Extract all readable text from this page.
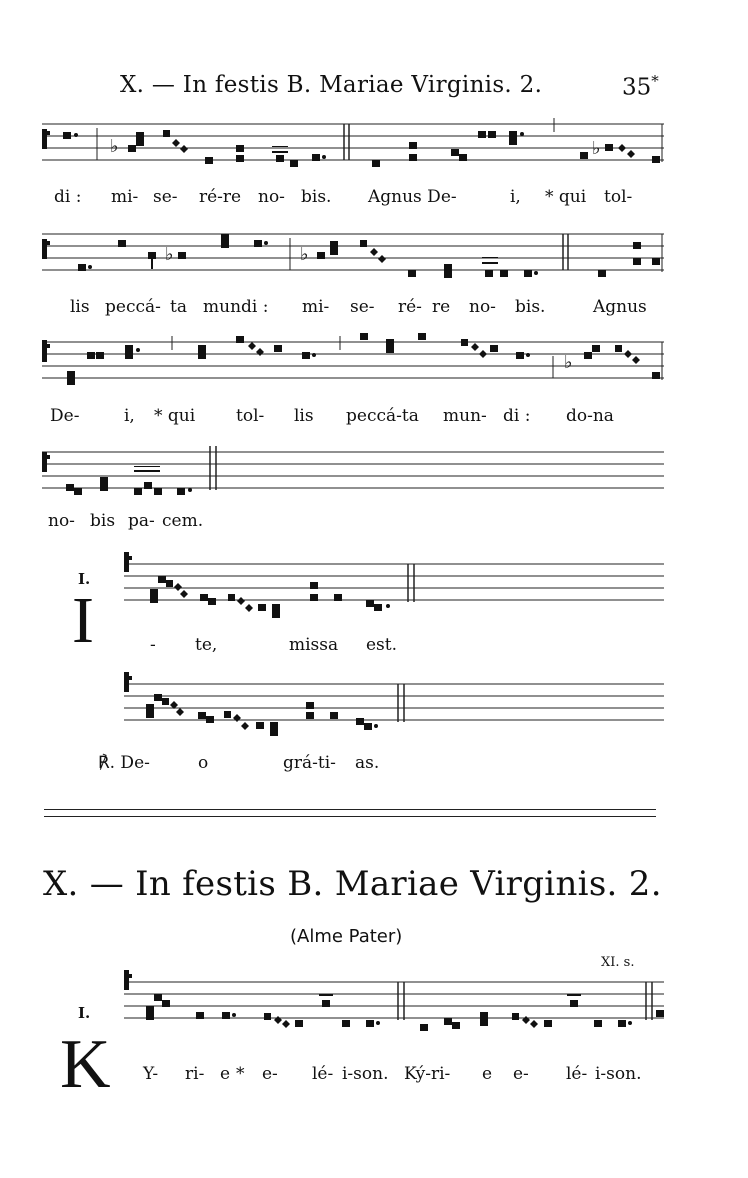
X. — In festis B. Mariae Virginis. 2.	35*
♭	♭
di : mi- se- ré-re no- bis. Agnus De-	i, * qui tol-
♭	♭
lis peccá- ta mundi : mi- se- ré- re no- bis.	Agnus
♭
De-	i, * qui tol- lis peccá-ta mun- di : do-na
no- bis pa- cem.
I.
I	- te,	missa est.
℟. De-	o	grá-ti- as.
X. — In festis B. Mariae Virginis. 2.
(Alme Pater)
XI. s.
I.
K Y- ri- e * e- lé- i-son. Ký-ri- e e- lé- i-son.
